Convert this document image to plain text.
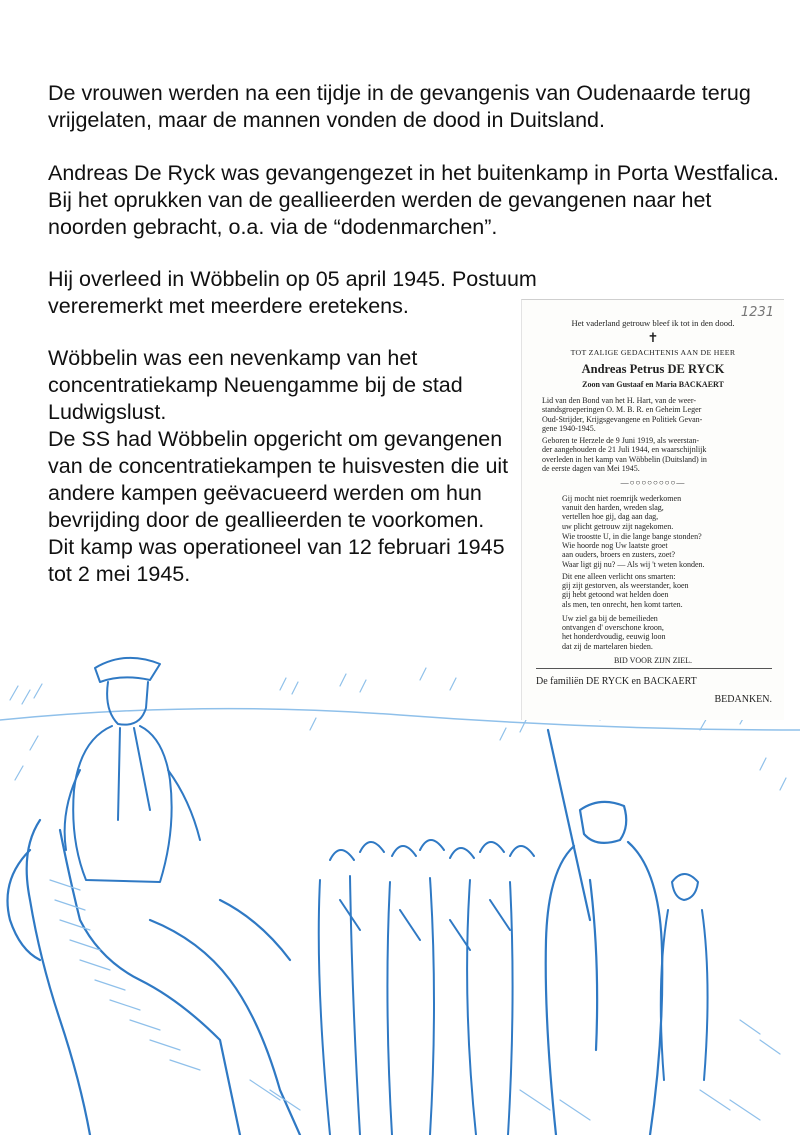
De vrouwen werden na een tijdje in de gevangenis van Oudenaarde terug
vrijgelaten, maar de mannen vonden de dood in Duitsland.

Andreas De Ryck was gevangengezet in het buitenkamp in Porta Westfalica.
Bij het oprukken van de geallieerden werden de gevangenen naar het
noorden gebracht, o.a. via de “dodenmarchen”.

Hij overleed in Wöbbelin op 05 april 1945. Postuum
vereremerkt met meerdere eretekens.

Wöbbelin was een nevenkamp van het
concentratiekamp Neuengamme bij de stad
Ludwigslust.
De SS had Wöbbelin opgericht om gevangenen
van de concentratiekampen te huisvesten die uit
andere kampen geëvacueerd werden om hun
bevrijding door de geallieerden te voorkomen.
Dit kamp was operationeel van 12 februari 1945
tot 2 mei 1945.

1231
Het vaderland getrouw bleef ik tot in den dood.
✝
TOT ZALIGE GEDACHTENIS AAN DE HEER
Andreas Petrus DE RYCK
Zoon van Gustaaf en Maria BACKAERT
Lid van den Bond van het H. Hart, van de weer-
standsgroeperingen O. M. B. R. en Geheim Leger
Oud-Strijder, Krijgsgevangene en Politiek Gevan-
gene 1940-1945.
Geboren te Herzele de 9 Juni 1919, als weerstan-
der aangehouden de 21 Juli 1944, en waarschijnlijk
overleden in het kamp van Wöbbelin (Duitsland) in
de eerste dagen van Mei 1945.
—○○○○○○○○—
Gij mocht niet roemrijk wederkomen
vanuit den harden, wreden slag,
vertellen hoe gij, dag aan dag,
uw plicht getrouw zijt nagekomen.
Wie troostte U, in die lange bange stonden?
Wie hoorde nog Uw laatste groet
aan ouders, broers en zusters, zoet?
Waar ligt gij nu? — Als wij 't weten konden.
Dit ene alleen verlicht ons smarten:
gij zijt gestorven, als weerstander, koen
gij hebt getoond wat helden doen
als men, ten onrecht, hen komt tarten.
Uw ziel ga bij de bemeilieden
ontvangen d' overschone kroon,
het honderdvoudig, eeuwig loon
dat zij de martelaren bieden.
BID VOOR ZIJN ZIEL.
De familiën DE RYCK en BACKAERT
BEDANKEN.
